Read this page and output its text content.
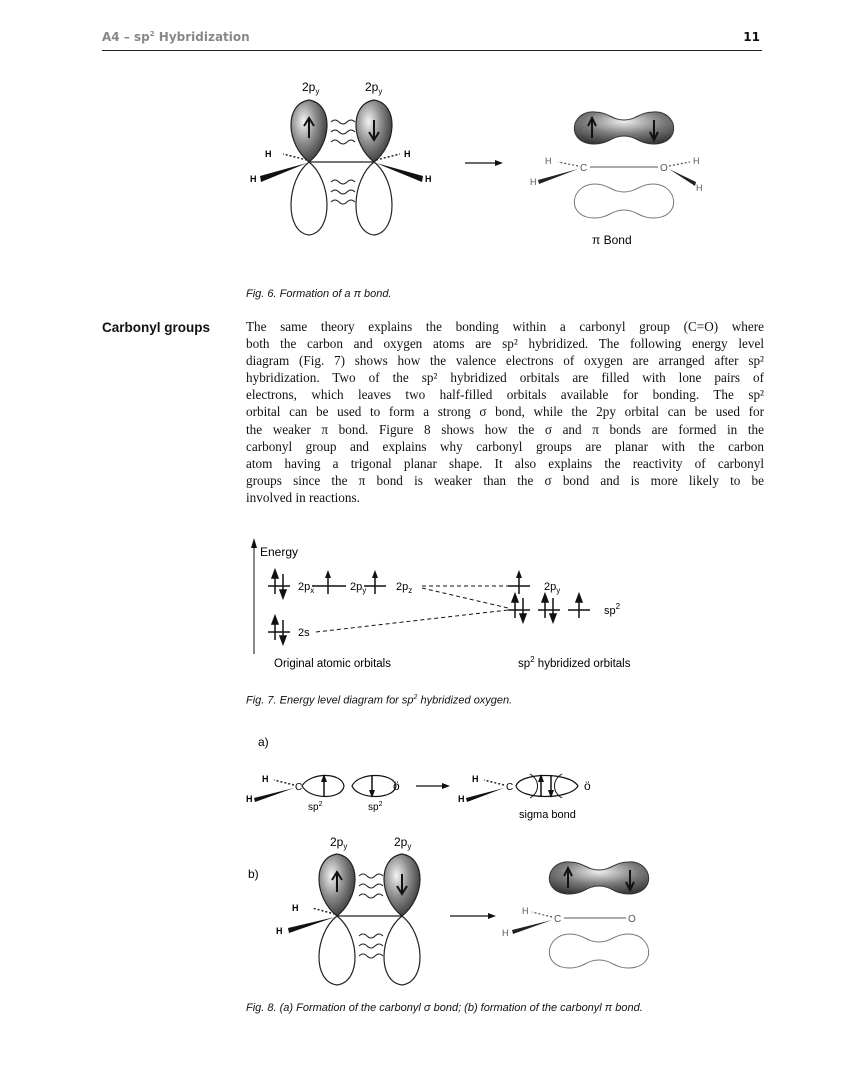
$A4 - sp^2$ Hybridization	11
$2p_y$	$2p_y$
H
H
H
H
C	O
H
H
H
H
π Bond
Fig. 6. Formation of a π bond.
Carbonyl groups	The same theory explains the bonding within a carbonyl group (C=O) where
both the carbon and oxygen atoms are sp² hybridized. The following energy level
diagram (Fig. 7) shows how the valence electrons of oxygen are arranged after sp²
hybridization. Two of the sp² hybridized orbitals are filled with lone pairs of
electrons, which leaves two half-filled orbitals available for bonding. The sp²
orbital can be used to form a strong σ bond, while the 2py orbital can be used for
the weaker π bond. Figure 8 shows how the σ and π bonds are formed in the
carbonyl group and explains why carbonyl groups are planar with the carbon
atom having a trigonal planar shape. It also explains the reactivity of carbonyl
groups since the π bond is weaker than the σ bond and is more likely to be
involved in reactions.
Energy
$2p_x$	$2p_y$	$2p_z$
2s
$2p_y$
$sp^2$
Original atomic orbitals	$sp^2$ hybridized orbitals
Fig. 7. Energy level diagram for $sp^2$ hybridized oxygen.
a)
H
H
C
$sp^2$
ö
$sp^2$
H
H
C	ö
sigma bond
b)
$2p_y$	$2p_y$
H
H
C	O
H
H
Fig. 8. (a) Formation of the carbonyl σ bond; (b) formation of the carbonyl π bond.
